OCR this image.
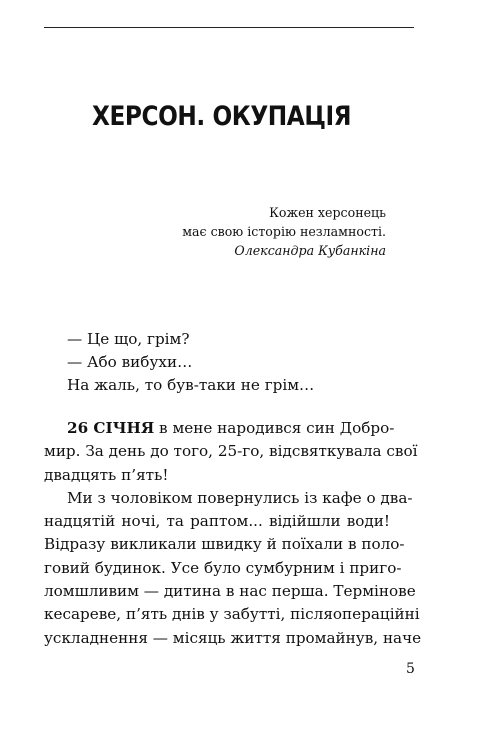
ХЕРСОН. ОКУПАЦІЯ
Кожен херсонець
має свою історію незламності.
Олександра Кубанкіна
— Це що, грім?
— Або вибухи…
На жаль, то був-таки не грім…
26 СІЧНЯ в мене народився син Добро-
мир. За день до того, 25-го, відсвяткувала свої
двадцять п’ять!
Ми з чоловіком повернулись із кафе о два-
надцятій ночі, та раптом... відійшли води!
Відразу викликали швидку й поїхали в поло-
говий будинок. Усе було сумбурним і приго-
ломшливим — дитина в нас перша. Термінове
кесареве, п’ять днів у забутті, післяопераційні
ускладнення — місяць життя промайнув, наче
5
